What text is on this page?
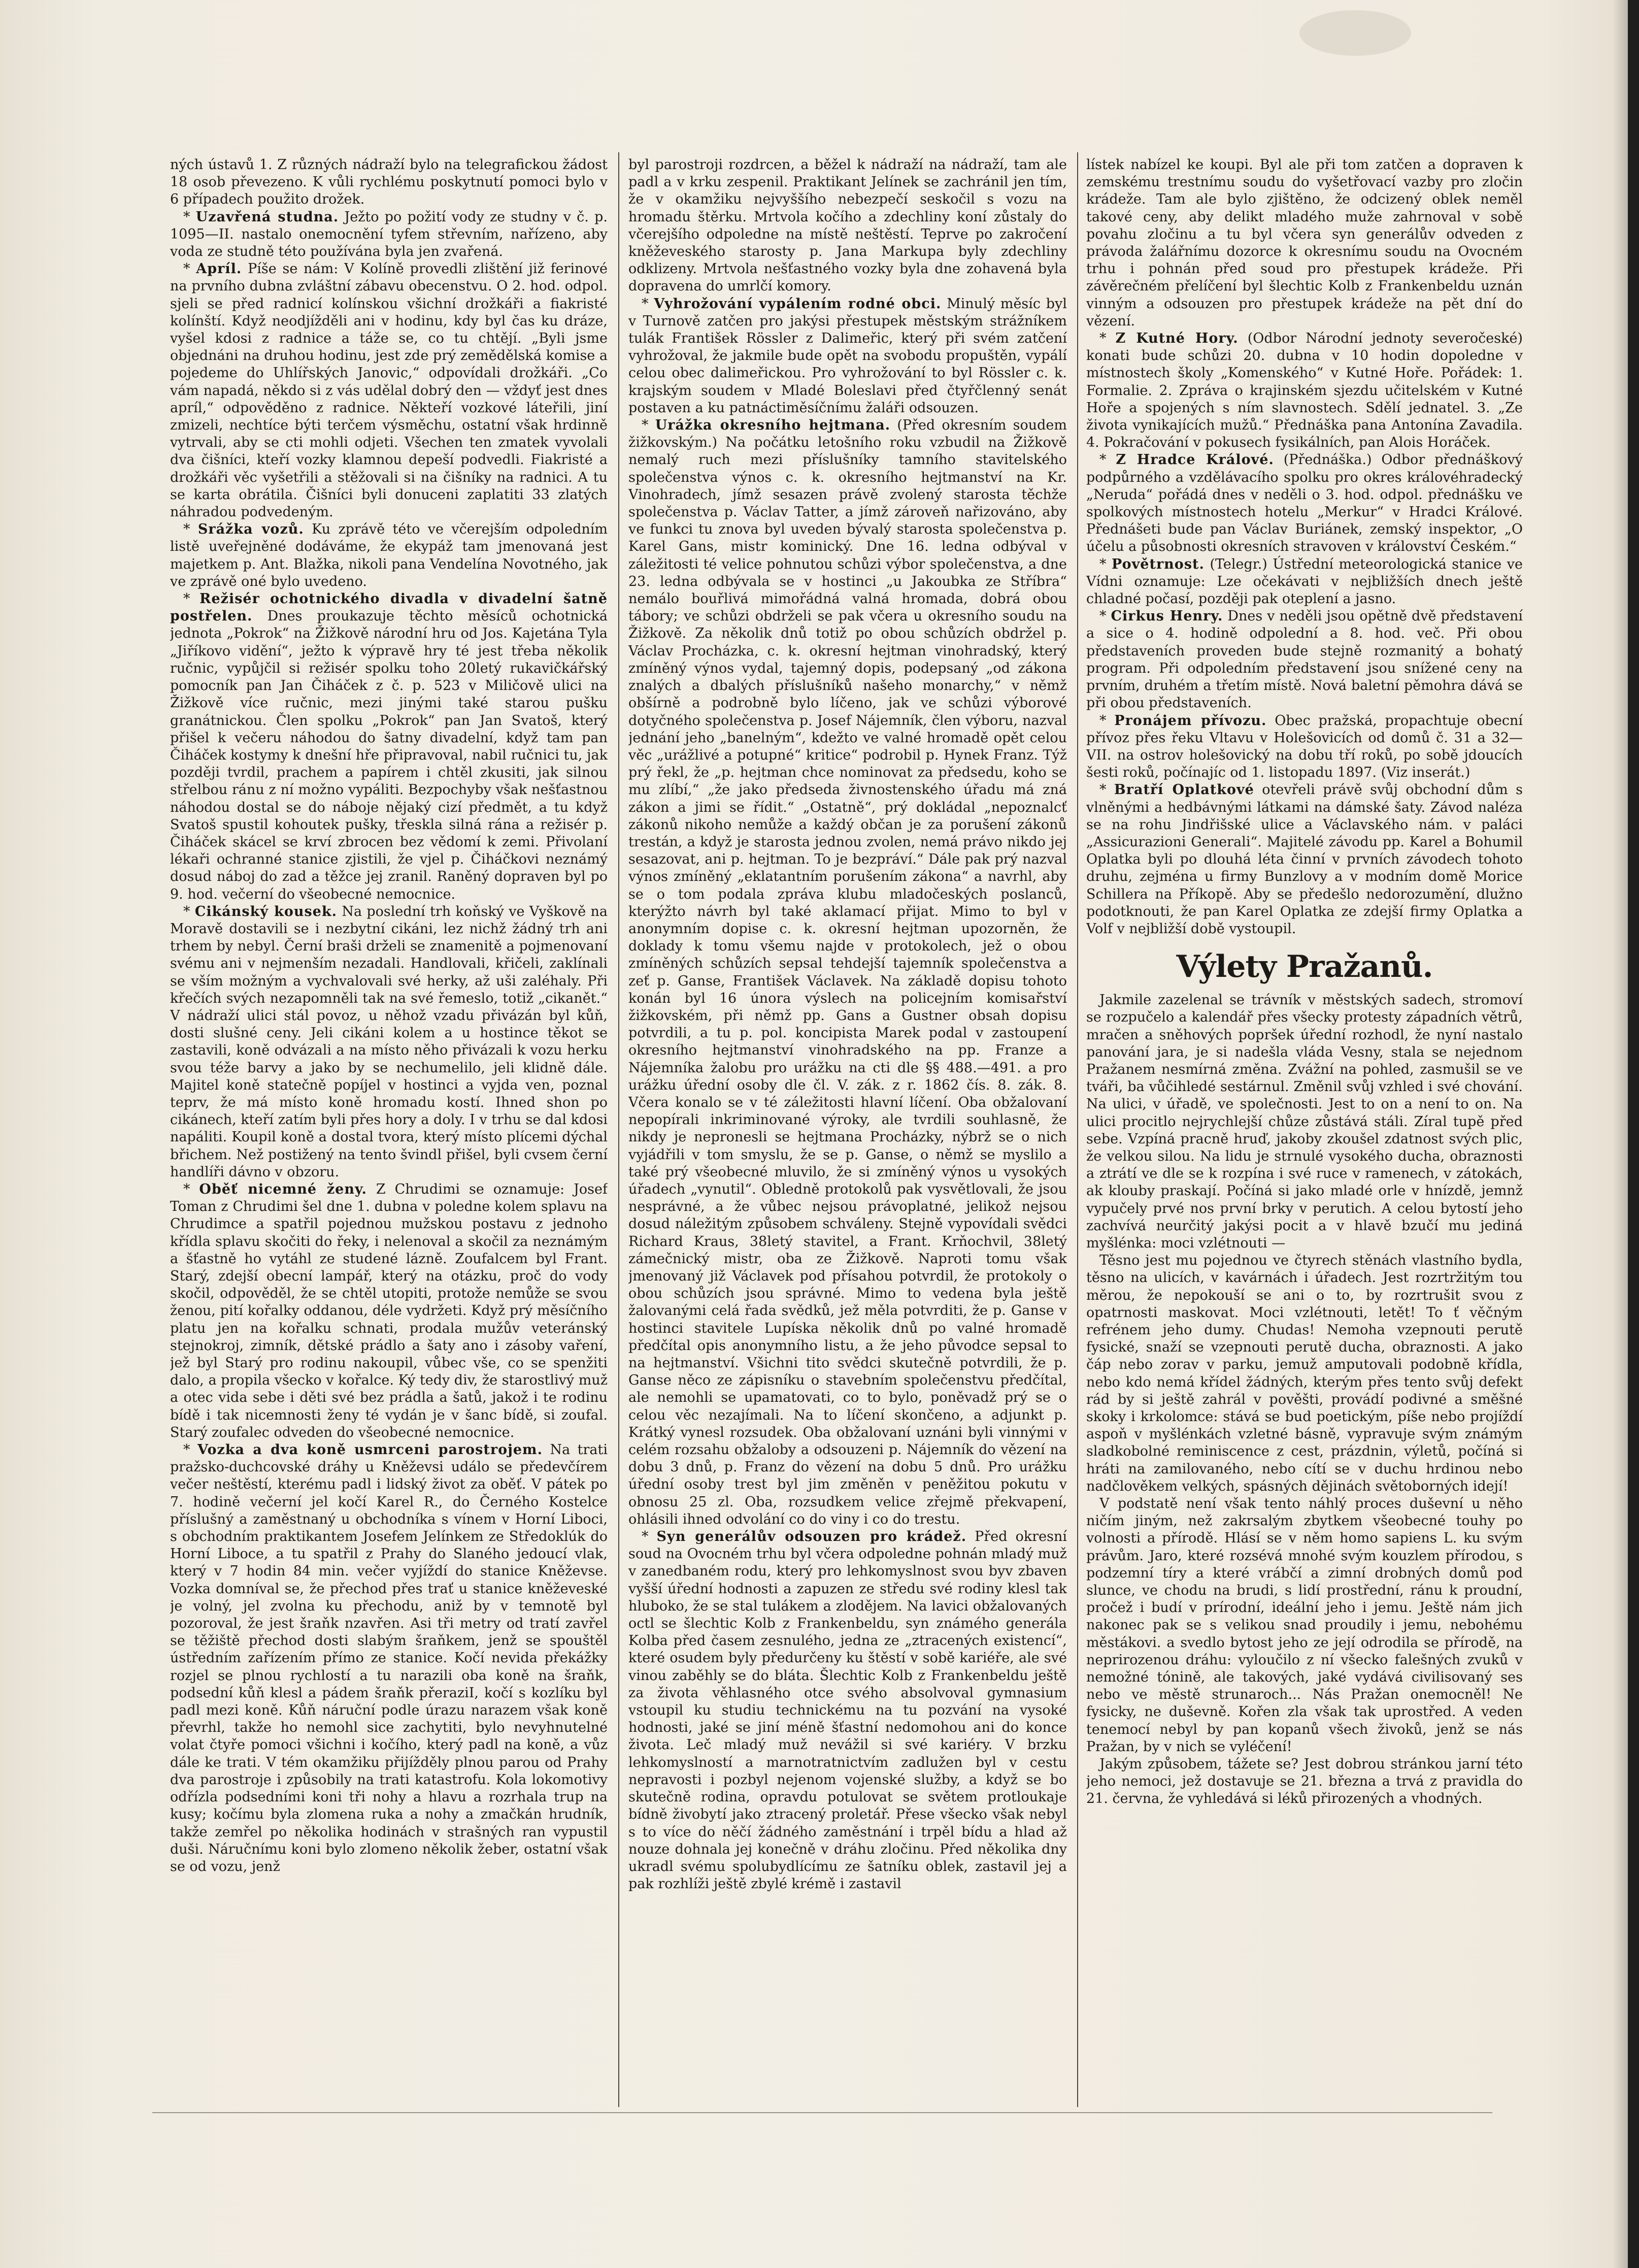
ných ústavů 1. Z různých nádraží bylo na telegrafickou žádost 18 osob převezeno. K vůli rychlému poskytnutí pomoci bylo v 6 případech použito drožek.

* Uzavřená studna. Ježto po požití vody ze studny v č. p. 1095—II. nastalo onemocnění tyfem střevním, nařízeno, aby voda ze studně této používána byla jen zvařená.

* Apríl. Píše se nám: V Kolíně provedli zlištění již ferinové na prvního dubna zvláštní zábavu obecenstvu. O 2. hod. odpol. sjeli se před radnicí kolínskou všichní drožkáři a fiakristé kolínští. Když neodjížděli ani v hodinu, kdy byl čas ku dráze, vyšel kdosi z radnice a táže se, co tu chtějí. „Byli jsme objednáni na druhou hodinu, jest zde prý zemědělská komise a pojedeme do Uhlířských Janovic,“ odpovídali drožkáři. „Co vám napadá, někdo si z vás udělal dobrý den — vždyť jest dnes apríl,“ odpověděno z radnice. Někteří vozkové láteřili, jiní zmizeli, nechtíce býti terčem výsměchu, ostatní však hrdinně vytrvali, aby se cti mohli odjeti. Všechen ten zmatek vyvolali dva čišníci, kteří vozky klamnou depeší podvedli. Fiakristé a drožkáři věc vyšetřili a stěžovali si na čišníky na radnici. A tu se karta obrátila. Čišníci byli donuceni zaplatiti 33 zlatých náhradou podvedeným.

* Srážka vozů. Ku zprávě této ve včerejším odpoledním listě uveřejněné dodáváme, že ekypáž tam jmenovaná jest majetkem p. Ant. Blažka, nikoli pana Vendelína Novotného, jak ve zprávě oné bylo uvedeno.

* Režisér ochotnického divadla v divadelní šatně postřelen. Dnes proukazuje těchto měsíců ochotnická jednota „Pokrok“ na Žižkově národní hru od Jos. Kajetána Tyla „Jiříkovo vidění“, ježto k výpravě hry té jest třeba několik ručnic, vypůjčil si režisér spolku toho 20letý rukavičkářský pomocník pan Jan Čiháček z č. p. 523 v Miličově ulici na Žižkově více ručnic, mezi jinými také starou pušku granátnickou. Člen spolku „Pokrok“ pan Jan Svatoš, který přišel k večeru náhodou do šatny divadelní, když tam pan Čiháček kostymy k dnešní hře připravoval, nabil ručnici tu, jak později tvrdil, prachem a papírem i chtěl zkusiti, jak silnou střelbou ránu z ní možno vypáliti. Bezpochyby však nešťastnou náhodou dostal se do náboje nějaký cizí předmět, a tu když Svatoš spustil kohoutek pušky, třeskla silná rána a režisér p. Čiháček skácel se krví zbrocen bez vědomí k zemi. Přivolaní lékaři ochranné stanice zjistili, že vjel p. Čiháčkovi neznámý dosud náboj do zad a těžce jej zranil. Raněný dopraven byl po 9. hod. večerní do všeobecné nemocnice.

* Cikánský kousek. Na poslední trh koňský ve Vyškově na Moravě dostavili se i nezbytní cikáni, lez nichž žádný trh ani trhem by nebyl. Černí braši drželi se znamenitě a pojmenovaní svému ani v nejmenším nezadali. Handlovali, křičeli, zaklínali se vším možným a vychvalovali své herky, až uši zaléhaly. Při křečích svých nezapomněli tak na své řemeslo, totiž „cikanět.“ V nádraží ulici stál povoz, u něhož vzadu přivázán byl kůň, dosti slušné ceny. Jeli cikáni kolem a u hostince těkot se zastavili, koně odvázali a na místo něho přivázali k vozu herku svou téže barvy a jako by se nechumelilo, jeli klidně dále. Majitel koně statečně popíjel v hostinci a vyjda ven, poznal teprv, že má místo koně hromadu kostí. Ihned shon po cikánech, kteří zatím byli přes hory a doly. I v trhu se dal kdosi napáliti. Koupil koně a dostal tvora, který místo plícemi dýchal břichem. Než postižený na tento švindl přišel, byli cvsem černí handlíři dávno v obzoru.

* Oběť nicemné ženy. Z Chrudimi se oznamuje: Josef Toman z Chrudimi šel dne 1. dubna v poledne kolem splavu na Chrudimce a spatřil pojednou mužskou postavu z jednoho křídla splavu skočiti do řeky, i nelenoval a skočil za neznámým a šťastně ho vytáhl ze studené lázně. Zoufalcem byl Frant. Starý, zdejší obecní lampář, který na otázku, proč do vody skočil, odpověděl, že se chtěl utopiti, protože nemůže se svou ženou, pití kořalky oddanou, déle vydržeti. Když prý měsíčního platu jen na kořalku schnati, prodala mužův veteránský stejnokroj, zimník, dětské prádlo a šaty ano i zásoby vaření, jež byl Starý pro rodinu nakoupil, vůbec vše, co se spenžiti dalo, a propila všecko v kořalce. Ký tedy div, že starostlivý muž a otec vida sebe i děti své bez prádla a šatů, jakož i te rodinu bídě i tak nicemnosti ženy té vydán je v šanc bídě, si zoufal. Starý zoufalec odveden do všeobecné nemocnice.

* Vozka a dva koně usmrceni parostrojem. Na trati pražsko-duchcovské dráhy u Kněževsi událo se předevčírem večer neštěstí, kterému padl i lidský život za oběť. V pátek po 7. hodině večerní jel kočí Karel R., do Černého Kostelce příslušný a zaměstnaný u obchodníka s vínem v Horní Liboci, s obchodním praktikantem Josefem Jelínkem ze Středoklúk do Horní Liboce, a tu spatřil z Prahy do Slaného jedoucí vlak, který v 7 hodin 84 min. večer vyjíždí do stanice Kněževse. Vozka domníval se, že přechod přes trať u stanice kněževeské je volný, jel zvolna ku přechodu, aniž by v temnotě byl pozoroval, že jest šraňk nzavřen. Asi tři metry od tratí zavřel se těžiště přechod dosti slabým šraňkem, jenž se spouštěl ústředním zařízením přímo ze stanice. Kočí nevida překážky rozjel se plnou rychlostí a tu narazili oba koně na šraňk, podsední kůň klesl a pádem šraňk přeraziI, kočí s kozlíku byl padl mezi koně. Kůň náruční podle úrazu narazem však koně převrhl, takže ho nemohl sice zachytiti, bylo nevyhnutelné volat čtyře pomoci všichni i kočího, který padl na koně, a vůz dále ke trati. V tém okamžiku přijížděly plnou parou od Prahy dva parostroje i způsobily na trati katastrofu. Kola lokomotivy odřízla podsedními koni tři nohy a hlavu a rozrhala trup na kusy; kočímu byla zlomena ruka a nohy a zmačkán hrudník, takže zemřel po několika hodinách v strašných ran vypustil duši. Náručnímu koni bylo zlomeno několik žeber, ostatní však se od vozu, jenž

byl parostroji rozdrcen, a běžel k nádraží na nádraží, tam ale padl a v krku zespenil. Praktikant Jelínek se zachránil jen tím, že v okamžiku nejvyššího nebezpečí seskočil s vozu na hromadu štěrku. Mrtvola kočího a zdechliny koní zůstaly do včerejšího odpoledne na místě neštěstí. Teprve po zakročení kněževeského starosty p. Jana Markupa byly zdechliny odklizeny. Mrtvola nešťastného vozky byla dne zohavená byla dopravena do umrlčí komory.

* Vyhrožování vypálením rodné obci. Minulý měsíc byl v Turnově zatčen pro jakýsi přestupek městským strážníkem tulák František Rössler z Dalimeřic, který při svém zatčení vyhrožoval, že jakmile bude opět na svobodu propuštěn, vypálí celou obec dalimeřickou. Pro vyhrožování to byl Rössler c. k. krajským soudem v Mladé Boleslavi před čtyřčlenný senát postaven a ku patnáctiměsíčnímu žaláři odsouzen.

* Urážka okresního hejtmana. (Před okresním soudem žižkovským.) Na počátku letošního roku vzbudil na Žižkově nemalý ruch mezi příslušníky tamního stavitelského společenstva výnos c. k. okresního hejtmanství na Kr. Vinohradech, jímž sesazen právě zvolený starosta těchže společenstva p. Václav Tatter, a jímž zároveň nařizováno, aby ve funkci tu znova byl uveden bývalý starosta společenstva p. Karel Gans, mistr kominický. Dne 16. ledna odbýval v záležitosti té velice pohnutou schůzi výbor společenstva, a dne 23. ledna odbývala se v hostinci „u Jakoubka ze Stříbra“ nemálo bouřlivá mimořádná valná hromada, dobrá obou tábory; ve schůzi obdrželi se pak včera u okresního soudu na Žižkově. Za několik dnů totiž po obou schůzích obdržel p. Václav Procházka, c. k. okresní hejtman vinohradský, který zmíněný výnos vydal, tajemný dopis, podepsaný „od zákona znalých a dbalých příslušníků našeho monarchy,“ v němž obšírně a podrobně bylo líčeno, jak ve schůzi výborové dotyčného společenstva p. Josef Nájemník, člen výboru, nazval jednání jeho „banelným“, kdežto ve valné hromadě opět celou věc „urážlivé a potupné“ kritice“ podrobil p. Hynek Franz. Týž prý řekl, že „p. hejtman chce nominovat za předsedu, koho se mu zlíbí,“ „že jako předseda živnostenského úřadu má zná zákon a jimi se řídit.“ „Ostatně“, prý dokládal „nepoznalcť zákonů nikoho nemůže a každý občan je za porušení zákonů trestán, a když je starosta jednou zvolen, nemá právo nikdo jej sesazovat, ani p. hejtman. To je bezpráví.“ Dále pak prý nazval výnos zmíněný „eklatantním porušením zákona“ a navrhl, aby se o tom podala zpráva klubu mladočeských poslanců, kterýžto návrh byl také aklamací přijat. Mimo to byl v anonymním dopise c. k. okresní hejtman upozorněn, že doklady k tomu všemu najde v protokolech, jež o obou zmíněných schůzích sepsal tehdejší tajemník společenstva a zeť p. Ganse, František Václavek. Na základě dopisu tohoto konán byl 16 února výslech na policejním komisařství žižkovském, při němž pp. Gans a Gustner obsah dopisu potvrdili, a tu p. pol. koncipista Marek podal v zastoupení okresního hejtmanství vinohradského na pp. Franze a Nájemníka žalobu pro urážku na cti dle §§ 488.—491. a pro urážku úřední osoby dle čl. V. zák. z r. 1862 čís. 8. zák. 8. Včera konalo se v té záležitosti hlavní líčení. Oba obžalovaní nepopírali inkriminované výroky, ale tvrdili souhlasně, že nikdy je nepronesli se hejtmana Procházky, nýbrž se o nich vyjádřili v tom smyslu, že se p. Ganse, o němž se myslilo a také prý všeobecné mluvilo, že si zmíněný výnos u vysokých úřadech „vynutil“. Obledně protokolů pak vysvětlovali, že jsou nesprávné, a že vůbec nejsou právoplatné, jelikož nejsou dosud náležitým způsobem schváleny. Stejně vypovídali svědci Richard Kraus, 38letý stavitel, a Frant. Krňochvil, 38letý zámečnický mistr, oba ze Žižkově. Naproti tomu však jmenovaný již Václavek pod přísahou potvrdil, že protokoly o obou schůzích jsou správné. Mimo to vedena byla ještě žalovanými celá řada svědků, jež měla potvrditi, že p. Ganse v hostinci stavitele Lupíska několik dnů po valné hromadě předčítal opis anonymního listu, a že jeho původce sepsal to na hejtmanství. Všichni tito svědci skutečně potvrdili, že p. Ganse něco ze zápisníku o stavebním společenstvu předčítal, ale nemohli se upamatovati, co to bylo, poněvadž prý se o celou věc nezajímali. Na to líčení skončeno, a adjunkt p. Krátký vynesl rozsudek. Oba obžalovaní uznáni byli vinnými v celém rozsahu obžaloby a odsouzeni p. Nájemník do vězení na dobu 3 dnů, p. Franz do vězení na dobu 5 dnů. Pro urážku úřední osoby trest byl jim změněn v peněžitou pokutu v obnosu 25 zl. Oba, rozsudkem velice zřejmě překvapení, ohlásili ihned odvolání co do viny i co do trestu.

* Syn generálův odsouzen pro krádež. Před okresní soud na Ovocném trhu byl včera odpoledne pohnán mladý muž v zanedbaném rodu, který pro lehkomyslnost svou byv zbaven vyšší úřední hodnosti a zapuzen ze středu své rodiny klesl tak hluboko, že se stal tulákem a zlodějem. Na lavici obžalovaných octl se šlechtic Kolb z Frankenbeldu, syn známého generála Kolba před časem zesnulého, jedna ze „ztracených existencí“, které osudem byly předurčeny ku štěstí v sobě kariéře, ale své vinou zaběhly se do bláta. Šlechtic Kolb z Frankenbeldu ještě za života věhlasného otce svého absolvoval gymnasium vstoupil ku studiu technickému na tu pozvání na vysoké hodnosti, jaké se jiní méně šťastní nedomohou ani do konce života. Leč mladý muž nevážil si své kariéry. V brzku lehkomyslností a marnotratnictvím zadlužen byl v cestu nepravosti i pozbyl nejenom vojenské služby, a když se bo skutečně rodina, opravdu potulovat se světem protloukaje bídně živobytí jako ztracený proletář. Přese všecko však nebyl s to více do něčí žádného zaměstnání i trpěl bídu a hlad až nouze dohnala jej konečně v dráhu zločinu. Před několika dny ukradl svému spolubydlícímu ze šatníku oblek, zastavil jej a pak rozhlíži ještě zbylé krémě i zastavil

lístek nabízel ke koupi. Byl ale při tom zatčen a dopraven k zemskému trestnímu soudu do vyšetřovací vazby pro zločin krádeže. Tam ale bylo zjištěno, že odcizený oblek neměl takové ceny, aby delikt mladého muže zahrnoval v sobě povahu zločinu a tu byl včera syn generálův odveden z právoda žalářnímu dozorce k okresnímu soudu na Ovocném trhu i pohnán před soud pro přestupek krádeže. Při závěrečném přelíčení byl šlechtic Kolb z Frankenbeldu uznán vinným a odsouzen pro přestupek krádeže na pět dní do vězení.

* Z Kutné Hory. (Odbor Národní jednoty severočeské) konati bude schůzi 20. dubna v 10 hodin dopoledne v místnostech školy „Komenského“ v Kutné Hoře. Pořádek: 1. Formalie. 2. Zpráva o krajinském sjezdu učitelském v Kutné Hoře a spojených s ním slavnostech. Sdělí jednatel. 3. „Ze života vynikajících mužů.“ Přednáška pana Antonína Zavadila. 4. Pokračování v pokusech fysikálních, pan Alois Horáček.

* Z Hradce Králové. (Přednáška.) Odbor přednáškový podpůrného a vzdělávacího spolku pro okres královéhradecký „Neruda“ pořádá dnes v neděli o 3. hod. odpol. přednášku ve spolkových místnostech hotelu „Merkur“ v Hradci Králové. Přednášeti bude pan Václav Buriánek, zemský inspektor, „O účelu a působnosti okresních stravoven v království Českém.“

* Povětrnost. (Telegr.) Ústřední meteorologická stanice ve Vídni oznamuje: Lze očekávati v nejbližších dnech ještě chladné počasí, později pak oteplení a jasno.

* Cirkus Henry. Dnes v neděli jsou opětně dvě představení a sice o 4. hodině odpolední a 8. hod. več. Při obou představeních proveden bude stejně rozmanitý a bohatý program. Při odpoledním představení jsou snížené ceny na prvním, druhém a třetím místě. Nová baletní pěmohra dává se při obou představeních.

* Pronájem přívozu. Obec pražská, propachtuje obecní přívoz přes řeku Vltavu v Holešovicích od domů č. 31 a 32—VII. na ostrov holešovický na dobu tří roků, po sobě jdoucích šesti roků, počínajíc od 1. listopadu 1897. (Viz inserát.)

* Bratří Oplatkové otevřeli právě svůj obchodní dům s vlněnými a hedbávnými látkami na dámské šaty. Závod naléza se na rohu Jindřišské ulice a Václavského nám. v paláci „Assicurazioni Generali“. Majitelé závodu pp. Karel a Bohumil Oplatka byli po dlouhá léta činní v prvních závodech tohoto druhu, zejména u firmy Bunzlovy a v modním domě Morice Schillera na Příkopě. Aby se předešlo nedorozumění, dlužno podotknouti, že pan Karel Oplatka ze zdejší firmy Oplatka a Volf v nejbližší době vystoupil.

Výlety Pražanů.

Jakmile zazelenal se trávník v městských sadech, stromoví se rozpučelo a kalendář přes všecky protesty západních větrů, mračen a sněhových popršek úřední rozhodl, že nyní nastalo panování jara, je si nadešla vláda Vesny, stala se nejednom Pražanem nesmírná změna. Zvážní na pohled, zasmušil se ve tváři, ba vůčihledé sestárnul. Změnil svůj vzhled i své chování. Na ulici, v úřadě, ve společnosti. Jest to on a není to on. Na ulici procitlo nejrychlejší chůze zůstává stáli. Zíral tupě před sebe. Vzpíná pracně hruď, jakoby zkoušel zdatnost svých plic, že velkou silou. Na lidu je strnulé vysokého ducha, obraznosti a ztrátí ve dle se k rozpína i své ruce v ramenech, v zátokách, ak klouby praskají. Počíná si jako mladé orle v hnízdě, jemnž vypučely prvé nos první brky v perutich. A celou bytostí jeho zachvívá neurčitý jakýsi pocit a v hlavě bzučí mu jediná myšlénka: moci vzlétnouti —

Těsno jest mu pojednou ve čtyrech stěnách vlastního bydla, těsno na ulicích, v kavárnách i úřadech. Jest rozrtržitým tou měrou, že nepokouší se ani o to, by rozrtrušit svou z opatrnosti maskovat. Moci vzlétnouti, letět! To ť věčným refrénem jeho dumy. Chudas! Nemoha vzepnouti perutě fysické, snaží se vzepnouti perutě ducha, obraznosti. A jako čáp nebo zorav v parku, jemuž amputovali podobně křídla, nebo kdo nemá křídel žádných, kterým přes tento svůj defekt rád by si ještě zahrál v pověšti, provádí podivné a směšné skoky i krkolomce: stává se bud poetickým, píše nebo projíždí aspoň v myšlénkách vzletné básně, vypravuje svým známým sladkobolné reminiscence z cest, prázdnin, výletů, počíná si hráti na zamilovaného, nebo cítí se v duchu hrdinou nebo nadčlověkem velkých, spásných dějinách světoborných idejí!

V podstatě není však tento náhlý proces duševní u něho ničím jiným, než zakrsalým zbytkem všeobecné touhy po volnosti a přírodě. Hlásí se v něm homo sapiens L. ku svým právům. Jaro, které rozsévá mnohé svým kouzlem přírodou, s podzemní tíry a které vrábčí a zimní drobných domů pod slunce, ve chodu na brudi, s lidí prostřední, ránu k proudní, pročež i budí v prírodní, ideální jeho i jemu. Ještě nám jich nakonec pak se s velikou snad proudily i jemu, nebohému městákovi. a svedlo bytost jeho ze její odrodila se přírodě, na neprirozenou dráhu: vyloučilo z ní všecko falešných zvuků v nemožné tónině, ale takových, jaké vydává civilisovaný ses nebo ve městě strunaroch... Nás Pražan onemocněl! Ne fysicky, ne duševně. Kořen zla však tak uprostřed. A veden tenemocí nebyl by pan kopanů všech živoků, jenž se nás Pražan, by v nich se vyléčení!

Jakým způsobem, tážete se? Jest dobrou stránkou jarní této jeho nemoci, jež dostavuje se 21. března a trvá z pravidla do 21. června, že vyhledává si léků přirozených a vhodných.
